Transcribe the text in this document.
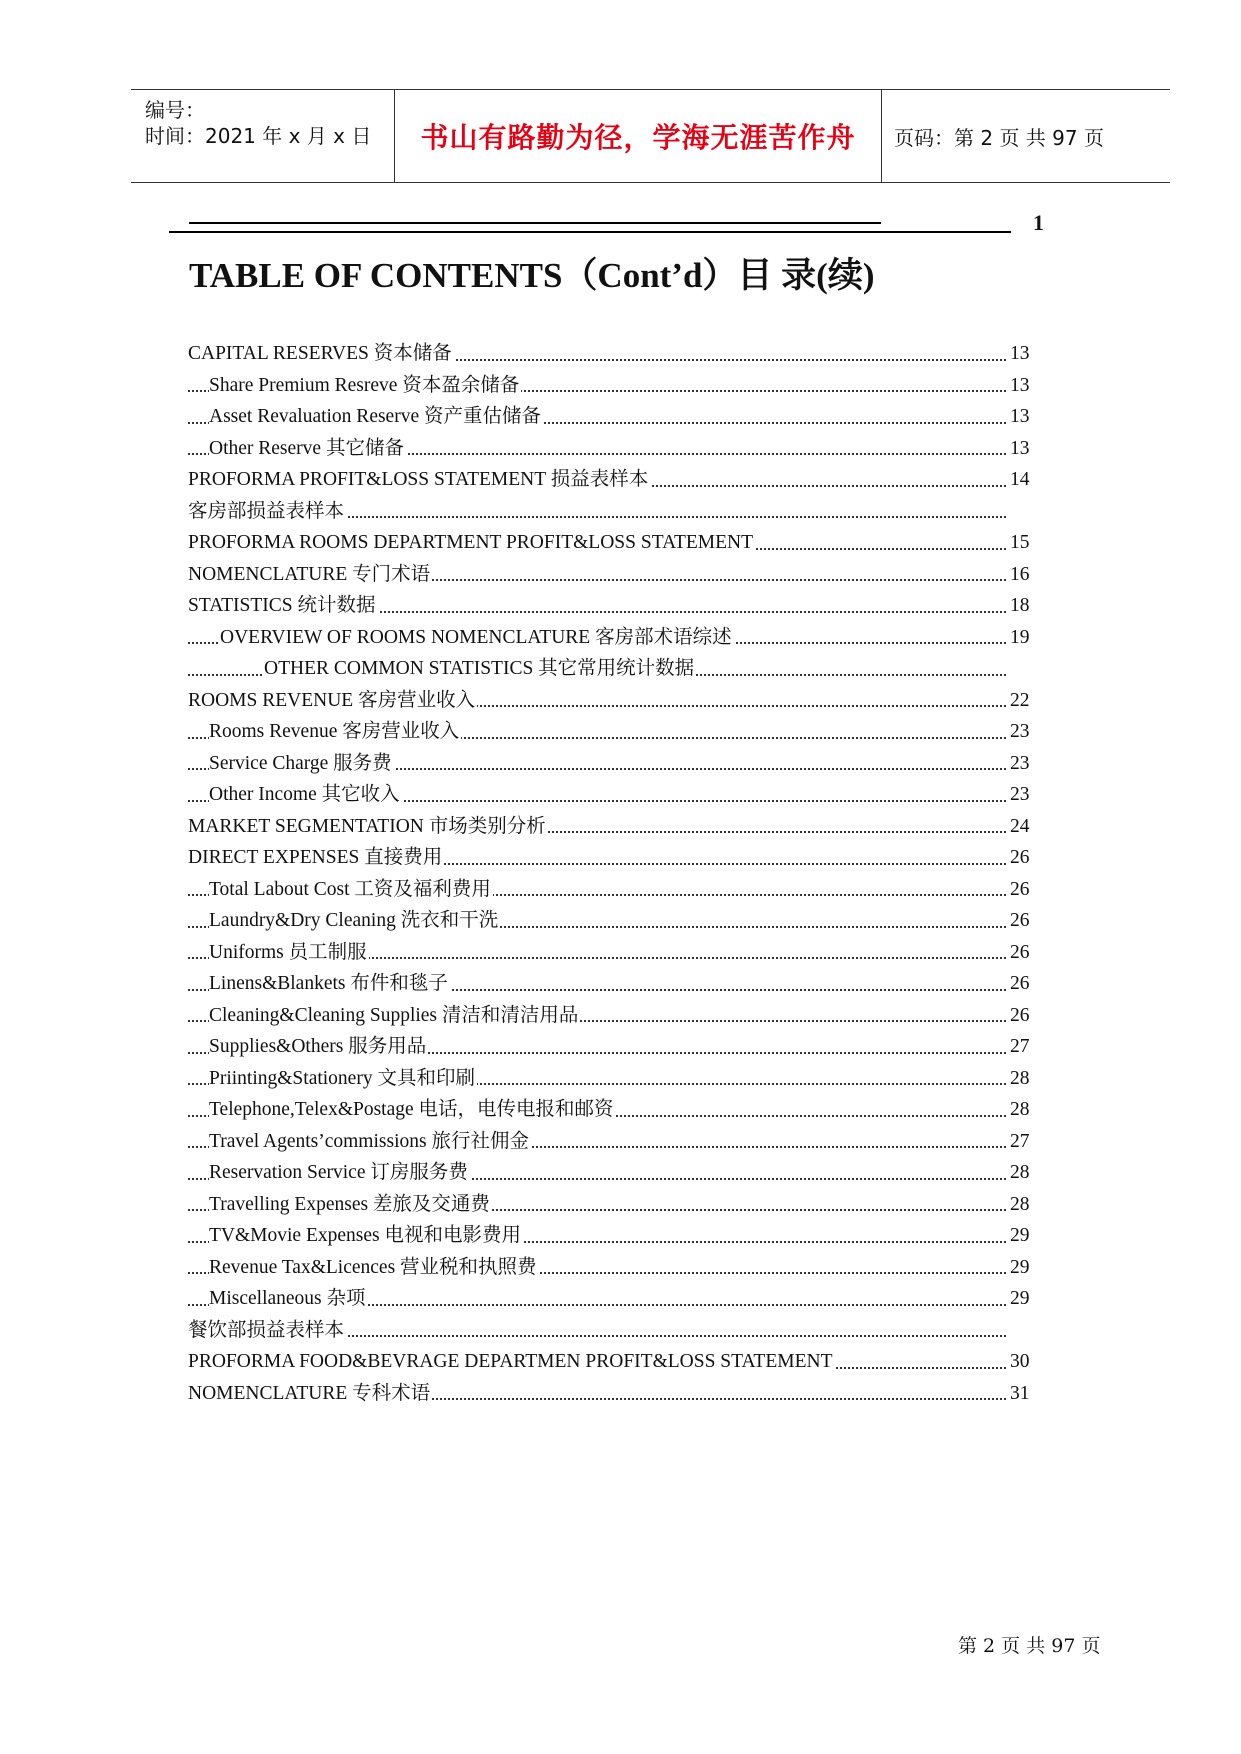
编号：
时间：2021 年 x 月 x 日 书山有路勤为径，学海无涯苦作舟 页码：第 2 页 共 97 页
1
TABLE OF CONTENTS（Cont’d）目 录(续)
CAPITAL RESERVES 资本储备	13
Share Premium Resreve 资本盈余储备	13
Asset Revaluation Reserve 资产重估储备	13
Other Reserve 其它储备	13
PROFORMA PROFIT&LOSS STATEMENT 损益表样本	14
客房部损益表样本
PROFORMA ROOMS DEPARTMENT PROFIT&LOSS STATEMENT	15
NOMENCLATURE 专门术语	16
STATISTICS 统计数据	18
OVERVIEW OF ROOMS NOMENCLATURE 客房部术语综述	19
OTHER COMMON STATISTICS 其它常用统计数据
ROOMS REVENUE 客房营业收入	22
Rooms Revenue 客房营业收入	23
Service Charge 服务费	23
Other Income 其它收入	23
MARKET SEGMENTATION 市场类别分析	24
DIRECT EXPENSES 直接费用	26
Total Labout Cost 工资及福利费用	26
Laundry&Dry Cleaning 洗衣和干洗	26
Uniforms 员工制服	26
Linens&Blankets 布件和毯子	26
Cleaning&Cleaning Supplies 清洁和清洁用品	26
Supplies&Others 服务用品	27
Priinting&Stationery 文具和印刷	28
Telephone,Telex&Postage 电话，电传电报和邮资	28
Travel Agents’commissions 旅行社佣金	27
Reservation Service 订房服务费	28
Travelling Expenses 差旅及交通费	28
TV&Movie Expenses 电视和电影费用	29
Revenue Tax&Licences 营业税和执照费	29
Miscellaneous 杂项	29
餐饮部损益表样本
PROFORMA FOOD&BEVRAGE DEPARTMEN PROFIT&LOSS STATEMENT	30
NOMENCLATURE 专科术语	31
第 2 页 共 97 页
